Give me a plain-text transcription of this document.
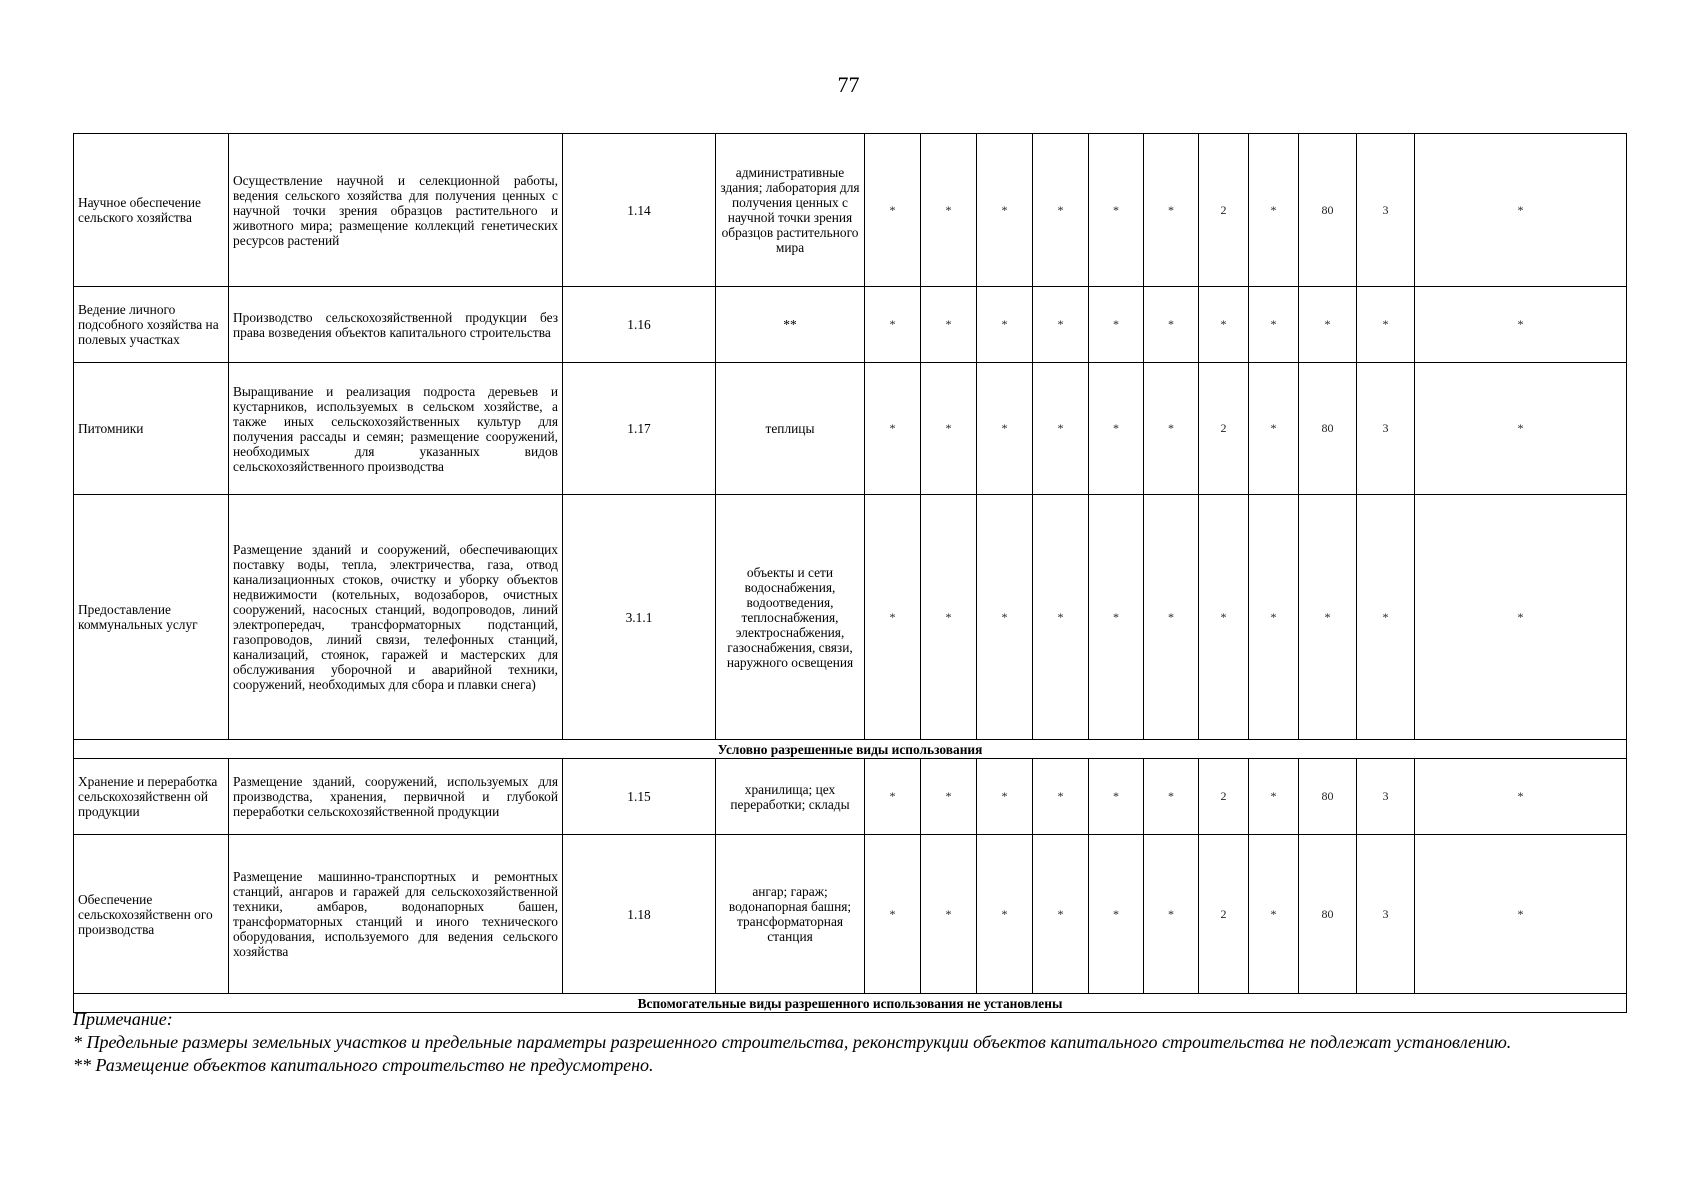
77
Научное обеспечение сельского хозяйства	Осуществление научной и селекционной работы, ведения сельского хозяйства для получения ценных с научной точки зрения образцов растительного и животного мира; размещение коллекций генетических ресурсов растений	1.14	административные здания; лаборатория для получения ценных с научной точки зрения образцов растительного мира	*	*	*	*	*	*	2	*	80	3	*
Ведение личного подсобного хозяйства на полевых участках	Производство сельскохозяйственной продукции без права возведения объектов капитального строительства	1.16	**	*	*	*	*	*	*	*	*	*	*	*
Питомники	Выращивание и реализация подроста деревьев и кустарников, используемых в сельском хозяйстве, а также иных сельскохозяйственных культур для получения рассады и семян; размещение сооружений, необходимых для указанных видов сельскохозяйственного производства	1.17	теплицы	*	*	*	*	*	*	2	*	80	3	*
Предоставление коммунальных услуг	Размещение зданий и сооружений, обеспечивающих поставку воды, тепла, электричества, газа, отвод канализационных стоков, очистку и уборку объектов недвижимости (котельных, водозаборов, очистных сооружений, насосных станций, водопроводов, линий электропередач, трансформаторных подстанций, газопроводов, линий связи, телефонных станций, канализаций, стоянок, гаражей и мастерских для обслуживания уборочной и аварийной техники, сооружений, необходимых для сбора и плавки снега)	3.1.1	объекты и сети водоснабжения, водоотведения, теплоснабжения, электроснабжения, газоснабжения, связи, наружного освещения	*	*	*	*	*	*	*	*	*	*	*
Условно разрешенные виды использования														
Хранение и переработка сельскохозяйственн ой продукции	Размещение зданий, сооружений, используемых для производства, хранения, первичной и глубокой переработки сельскохозяйственной продукции	1.15	хранилища; цех переработки; склады	*	*	*	*	*	*	2	*	80	3	*
Обеспечение сельскохозяйственн ого производства	Размещение машинно-транспортных и ремонтных станций, ангаров и гаражей для сельскохозяйственной техники, амбаров, водонапорных башен, трансформаторных станций и иного технического оборудования, используемого для ведения сельского хозяйства	1.18	ангар; гараж; водонапорная башня; трансформаторная станция	*	*	*	*	*	*	2	*	80	3	*
Вспомогательные виды разрешенного использования не установлены														
Примечание:
* Предельные размеры земельных участков и предельные параметры разрешенного строительства, реконструкции объектов капитального строительства не подлежат установлению.
** Размещение объектов капитального строительство не предусмотрено.
